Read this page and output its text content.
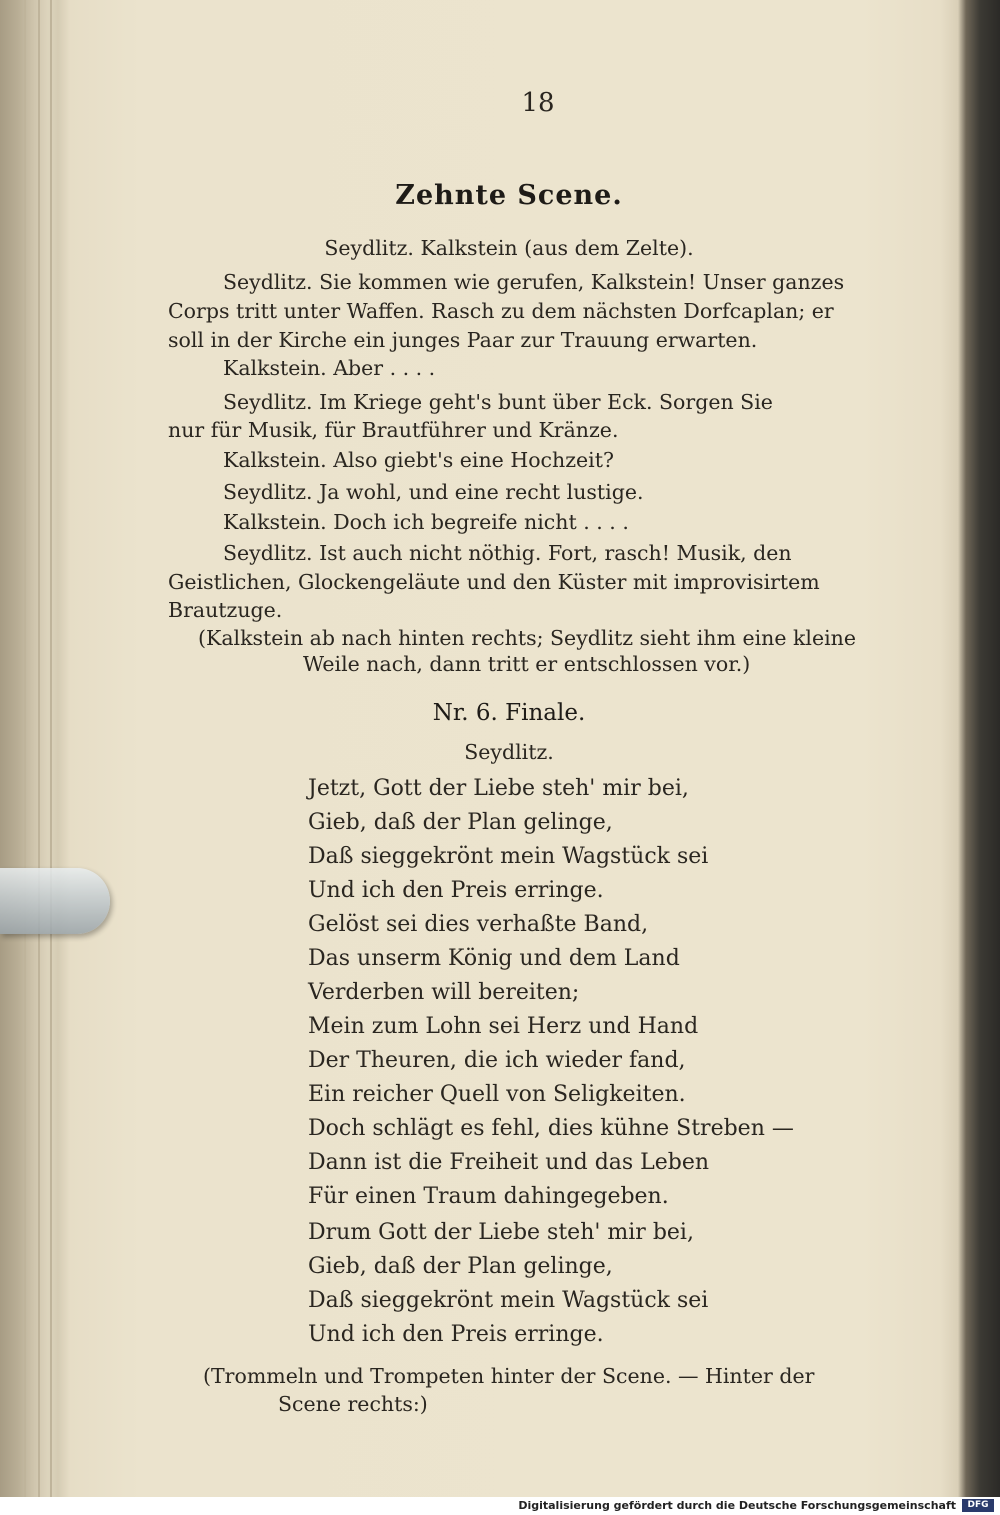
18
Zehnte Scene.
Seydlitz. Kalkstein (aus dem Zelte).
Seydlitz. Sie kommen wie gerufen, Kalkstein! Unser ganzes
Corps tritt unter Waffen. Rasch zu dem nächsten Dorfcaplan; er
soll in der Kirche ein junges Paar zur Trauung erwarten.
Kalkstein. Aber . . . .
Seydlitz. Im Kriege geht's bunt über Eck. Sorgen Sie
nur für Musik, für Brautführer und Kränze.
Kalkstein. Also giebt's eine Hochzeit?
Seydlitz. Ja wohl, und eine recht lustige.
Kalkstein. Doch ich begreife nicht . . . .
Seydlitz. Ist auch nicht nöthig. Fort, rasch! Musik, den
Geistlichen, Glockengeläute und den Küster mit improvisirtem
Brautzuge.
(Kalkstein ab nach hinten rechts; Seydlitz sieht ihm eine kleine
Weile nach, dann tritt er entschlossen vor.)
Nr. 6. Finale.
Seydlitz.
Jetzt, Gott der Liebe steh' mir bei,
Gieb, daß der Plan gelinge,
Daß sieggekrönt mein Wagstück sei
Und ich den Preis erringe.
Gelöst sei dies verhaßte Band,
Das unserm König und dem Land
Verderben will bereiten;
Mein zum Lohn sei Herz und Hand
Der Theuren, die ich wieder fand,
Ein reicher Quell von Seligkeiten.
Doch schlägt es fehl, dies kühne Streben —
Dann ist die Freiheit und das Leben
Für einen Traum dahingegeben.
Drum Gott der Liebe steh' mir bei,
Gieb, daß der Plan gelinge,
Daß sieggekrönt mein Wagstück sei
Und ich den Preis erringe.
(Trommeln und Trompeten hinter der Scene. — Hinter der
Scene rechts:)
Digitalisierung gefördert durch die Deutsche Forschungsgemeinschaft	DFG
